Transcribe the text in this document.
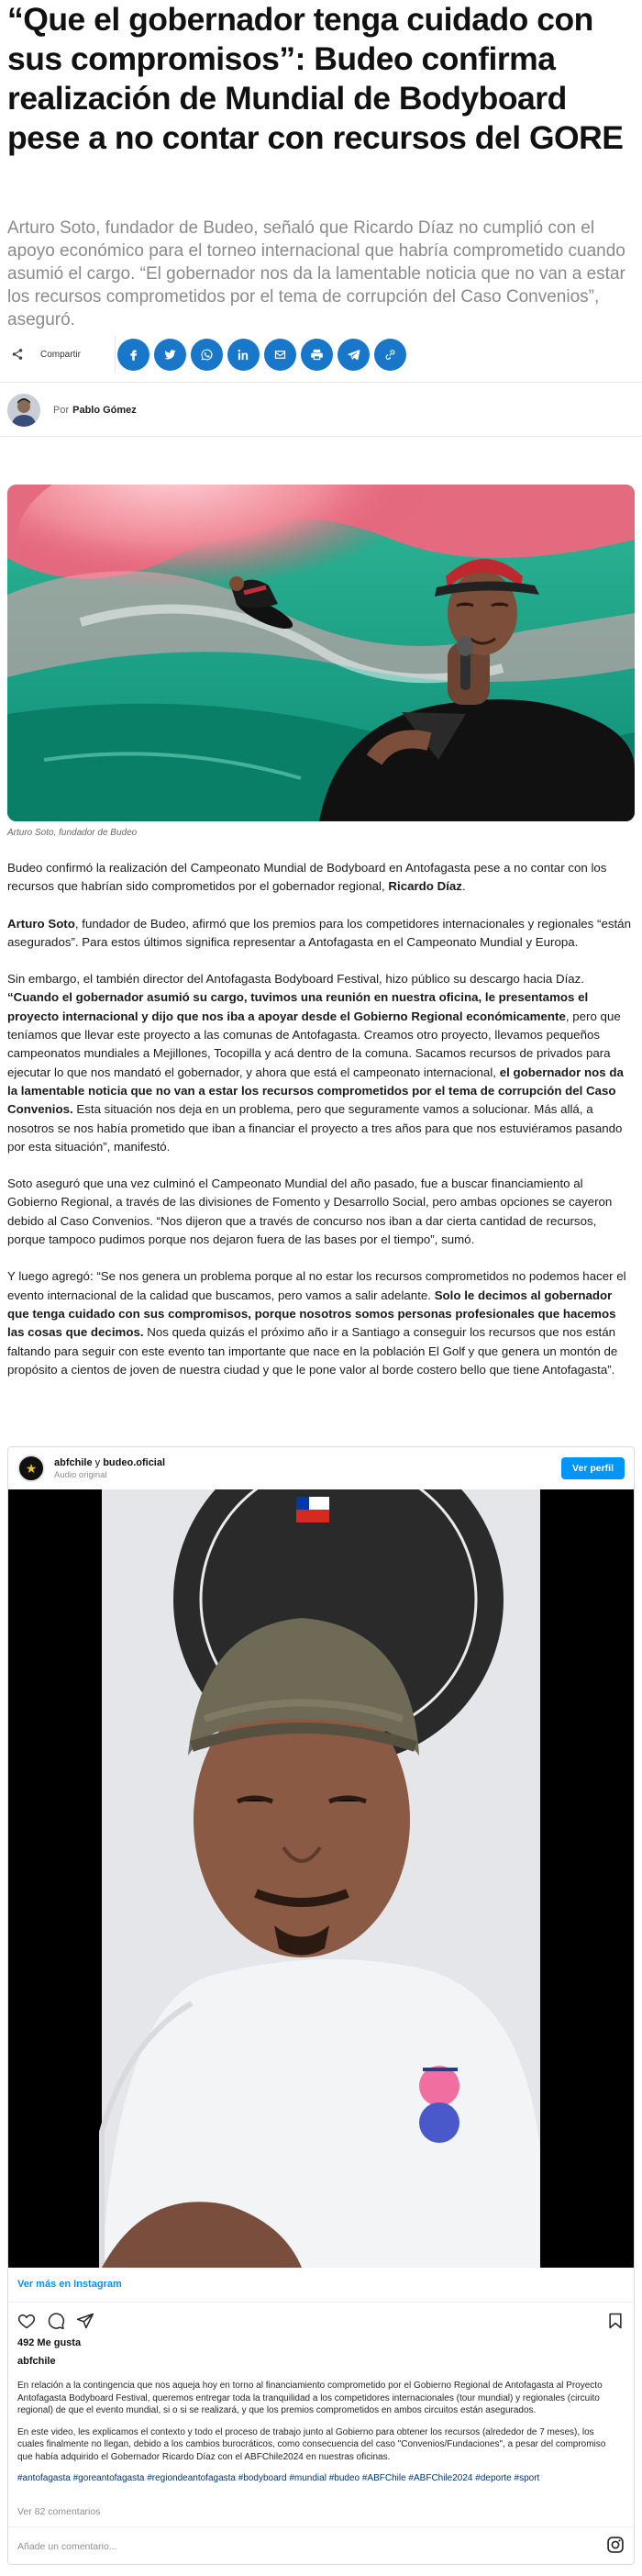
“Que el gobernador tenga cuidado con sus compromisos”: Budeo confirma realización de Mundial de Bodyboard pese a no contar con recursos del GORE

Arturo Soto, fundador de Budeo, señaló que Ricardo Díaz no cumplió con el apoyo económico para el torneo internacional que habría comprometido cuando asumió el cargo. “El gobernador nos da la lamentable noticia que no van a estar los recursos comprometidos por el tema de corrupción del Caso Convenios”, aseguró.

Compartir
Por Pablo Gómez
Arturo Soto, fundador de Budeo

Budeo confirmó la realización del Campeonato Mundial de Bodyboard en Antofagasta pese a no contar con los recursos que habrían sido comprometidos por el gobernador regional, Ricardo Díaz.

Arturo Soto, fundador de Budeo, afirmó que los premios para los competidores internacionales y regionales “están asegurados”. Para estos últimos significa representar a Antofagasta en el Campeonato Mundial y Europa.

Sin embargo, el también director del Antofagasta Bodyboard Festival, hizo público su descargo hacia Díaz. “Cuando el gobernador asumió su cargo, tuvimos una reunión en nuestra oficina, le presentamos el proyecto internacional y dijo que nos iba a apoyar desde el Gobierno Regional económicamente, pero que teníamos que llevar este proyecto a las comunas de Antofagasta. Creamos otro proyecto, llevamos pequeños campeonatos mundiales a Mejillones, Tocopilla y acá dentro de la comuna. Sacamos recursos de privados para ejecutar lo que nos mandató el gobernador, y ahora que está el campeonato internacional, el gobernador nos da la lamentable noticia que no van a estar los recursos comprometidos por el tema de corrupción del Caso Convenios. Esta situación nos deja en un problema, pero que seguramente vamos a solucionar. Más allá, a nosotros se nos había prometido que iban a financiar el proyecto a tres años para que nos estuviéramos pasando por esta situación”, manifestó.

Soto aseguró que una vez culminó el Campeonato Mundial del año pasado, fue a buscar financiamiento al Gobierno Regional, a través de las divisiones de Fomento y Desarrollo Social, pero ambas opciones se cayeron debido al Caso Convenios. “Nos dijeron que a través de concurso nos iban a dar cierta cantidad de recursos, porque tampoco pudimos porque nos dejaron fuera de las bases por el tiempo”, sumó.

Y luego agregó: “Se nos genera un problema porque al no estar los recursos comprometidos no podemos hacer el evento internacional de la calidad que buscamos, pero vamos a salir adelante. Solo le decimos al gobernador que tenga cuidado con sus compromisos, porque nosotros somos personas profesionales que hacemos las cosas que decimos. Nos queda quizás el próximo año ir a Santiago a conseguir los recursos que nos están faltando para seguir con este evento tan importante que nace en la población El Golf y que genera un montón de propósito a cientos de joven de nuestra ciudad y que le pone valor al borde costero bello que tiene Antofagasta”.

★	abfchile y budeo.oficial
Audio original
Ver perfil
Ver más en Instagram
492 Me gusta
abfchile

En relación a la contingencia que nos aqueja hoy en torno al financiamiento comprometido por el Gobierno Regional de Antofagasta al Proyecto Antofagasta Bodyboard Festival, queremos entregar toda la tranquilidad a los competidores internacionales (tour mundial) y regionales (circuito regional) de que el evento mundial, si o si se realizará, y que los premios comprometidos en ambos circuitos están asegurados.

En este video, les explicamos el contexto y todo el proceso de trabajo junto al Gobierno para obtener los recursos (alrededor de 7 meses), los cuales finalmente no llegan, debido a los cambios burocráticos, como consecuencia del caso "Convenios/Fundaciones", a pesar del compromiso que había adquirido el Gobernador Ricardo Díaz con el ABFChile2024 en nuestras oficinas.

#antofagasta #goreantofagasta #regiondeantofagasta #bodyboard #mundial #budeo #ABFChile #ABFChile2024 #deporte #sport

Ver 82 comentarios
Añade un comentario...
